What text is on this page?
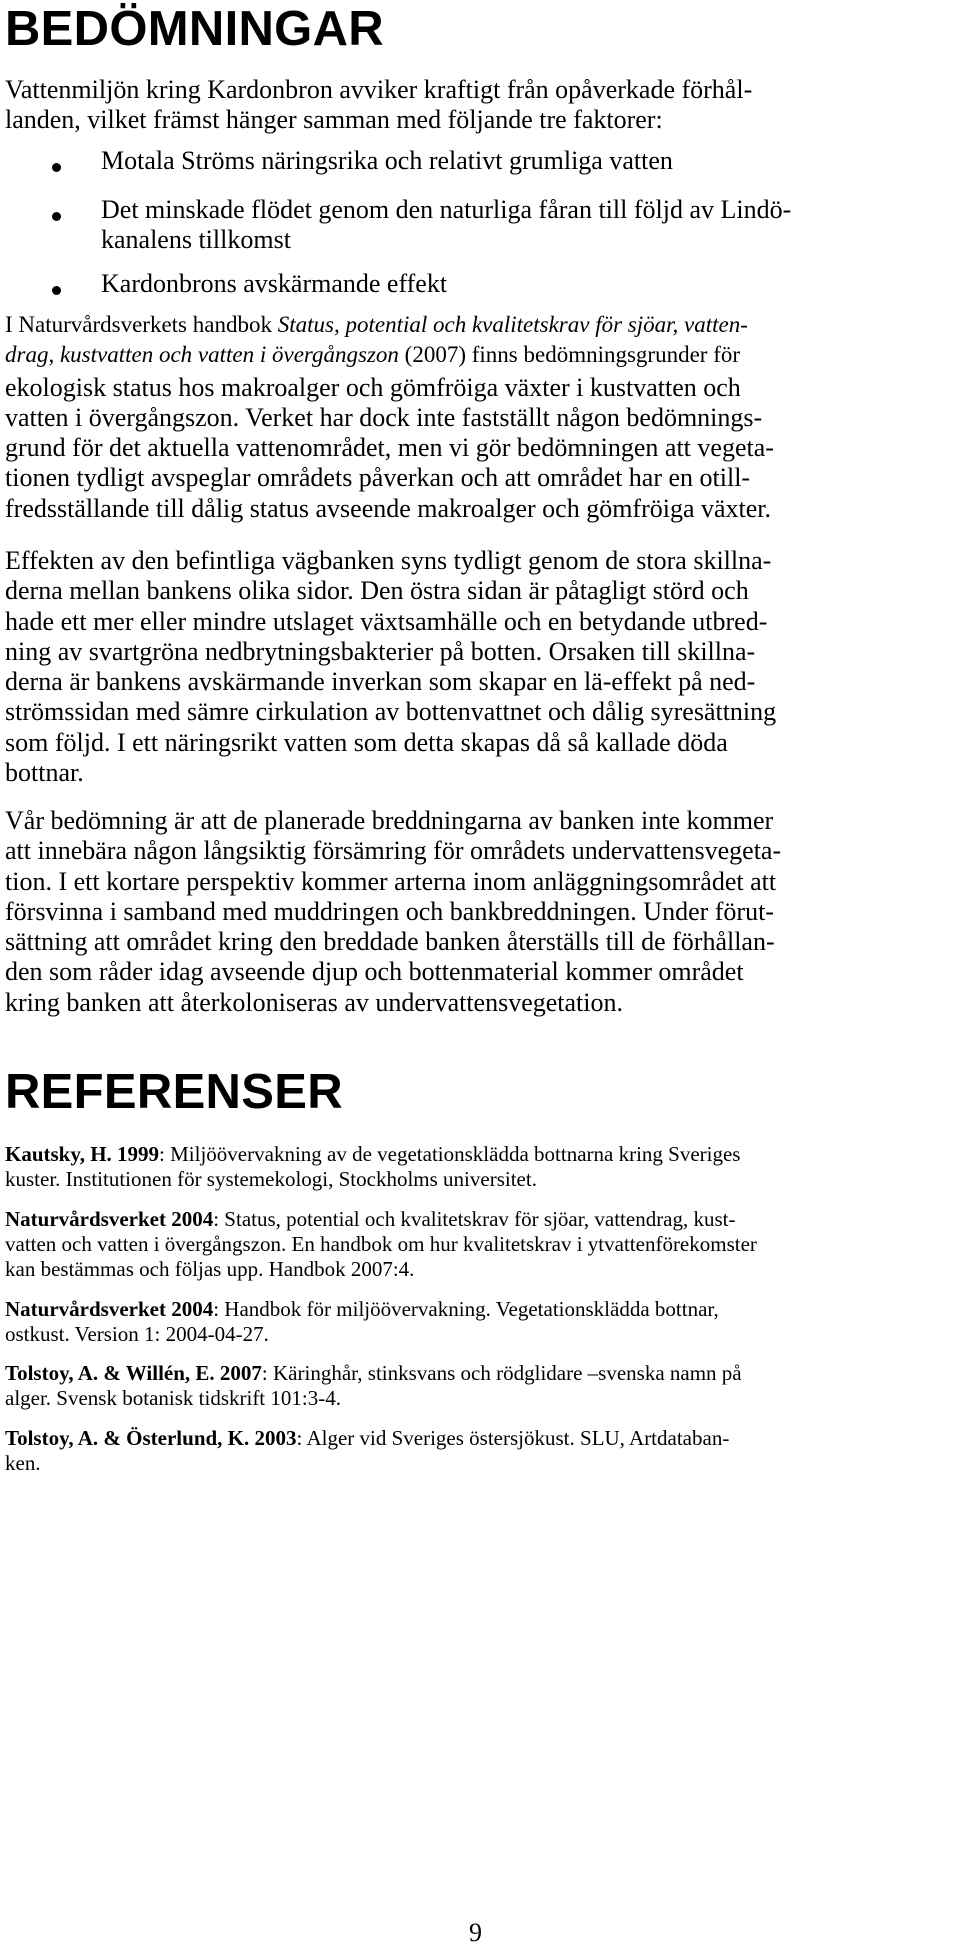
BEDÖMNINGAR
Vattenmiljön kring Kardonbron avviker kraftigt från opåverkade förhål-
landen, vilket främst hänger samman med följande tre faktorer:
Motala Ströms näringsrika och relativt grumliga vatten
Det minskade flödet genom den naturliga fåran till följd av Lindö-
kanalens tillkomst
Kardonbrons avskärmande effekt
I Naturvårdsverkets handbok Status, potential och kvalitetskrav för sjöar, vatten-
drag, kustvatten och vatten i övergångszon (2007) finns bedömningsgrunder för
ekologisk status hos makroalger och gömfröiga växter i kustvatten och
vatten i övergångszon. Verket har dock inte fastställt någon bedömnings-
grund för det aktuella vattenområdet, men vi gör bedömningen att vegeta-
tionen tydligt avspeglar områdets påverkan och att området har en otill-
fredsställande till dålig status avseende makroalger och gömfröiga växter.
Effekten av den befintliga vägbanken syns tydligt genom de stora skillna-
derna mellan bankens olika sidor. Den östra sidan är påtagligt störd och
hade ett mer eller mindre utslaget växtsamhälle och en betydande utbred-
ning av svartgröna nedbrytningsbakterier på botten. Orsaken till skillna-
derna är bankens avskärmande inverkan som skapar en lä-effekt på ned-
strömssidan med sämre cirkulation av bottenvattnet och dålig syresättning
som följd. I ett näringsrikt vatten som detta skapas då så kallade döda
bottnar.
Vår bedömning är att de planerade breddningarna av banken inte kommer
att innebära någon långsiktig försämring för områdets undervattensvegeta-
tion. I ett kortare perspektiv kommer arterna inom anläggningsområdet att
försvinna i samband med muddringen och bankbreddningen. Under förut-
sättning att området kring den breddade banken återställs till de förhållan-
den som råder idag avseende djup och bottenmaterial kommer området
kring banken att återkoloniseras av undervattensvegetation.
REFERENSER
Kautsky, H. 1999: Miljöövervakning av de vegetationsklädda bottnarna kring Sveriges
kuster. Institutionen för systemekologi, Stockholms universitet.
Naturvårdsverket 2004: Status, potential och kvalitetskrav för sjöar, vattendrag, kust-
vatten och vatten i övergångszon. En handbok om hur kvalitetskrav i ytvattenförekomster
kan bestämmas och följas upp. Handbok 2007:4.
Naturvårdsverket 2004: Handbok för miljöövervakning. Vegetationsklädda bottnar,
ostkust. Version 1: 2004-04-27.
Tolstoy, A. & Willén, E. 2007: Käringhår, stinksvans och rödglidare –svenska namn på
alger. Svensk botanisk tidskrift 101:3-4.
Tolstoy, A. & Österlund, K. 2003: Alger vid Sveriges östersjökust. SLU, Artdataban-
ken.
9
